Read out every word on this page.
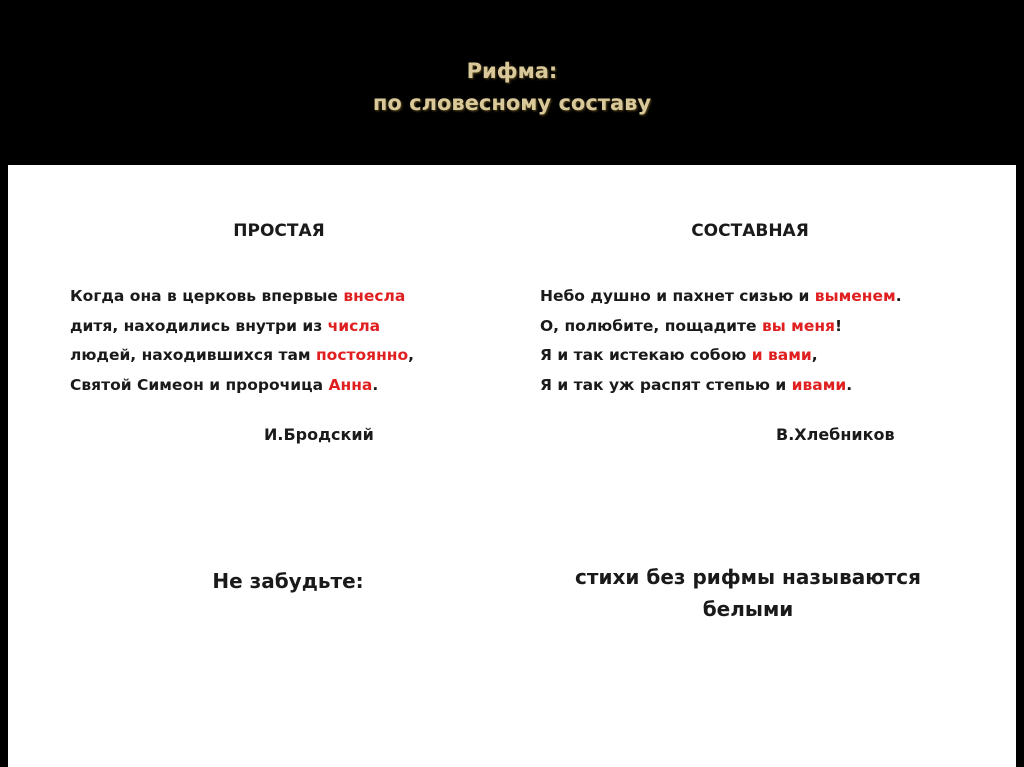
Рифма:
по словесному составу
ПРОСТАЯ
Когда она в церковь впервые внесла
дитя, находились внутри из числа
людей, находившихся там постоянно,
Святой Симеон и пророчица Анна.
И.Бродский
Не забудьте:
СОСТАВНАЯ
Небо душно и пахнет сизью и выменем.
О, полюбите, пощадите вы меня!
Я и так истекаю собою и вами,
Я и так уж распят степью и ивами.
В.Хлебников
стихи без рифмы называются
белыми
